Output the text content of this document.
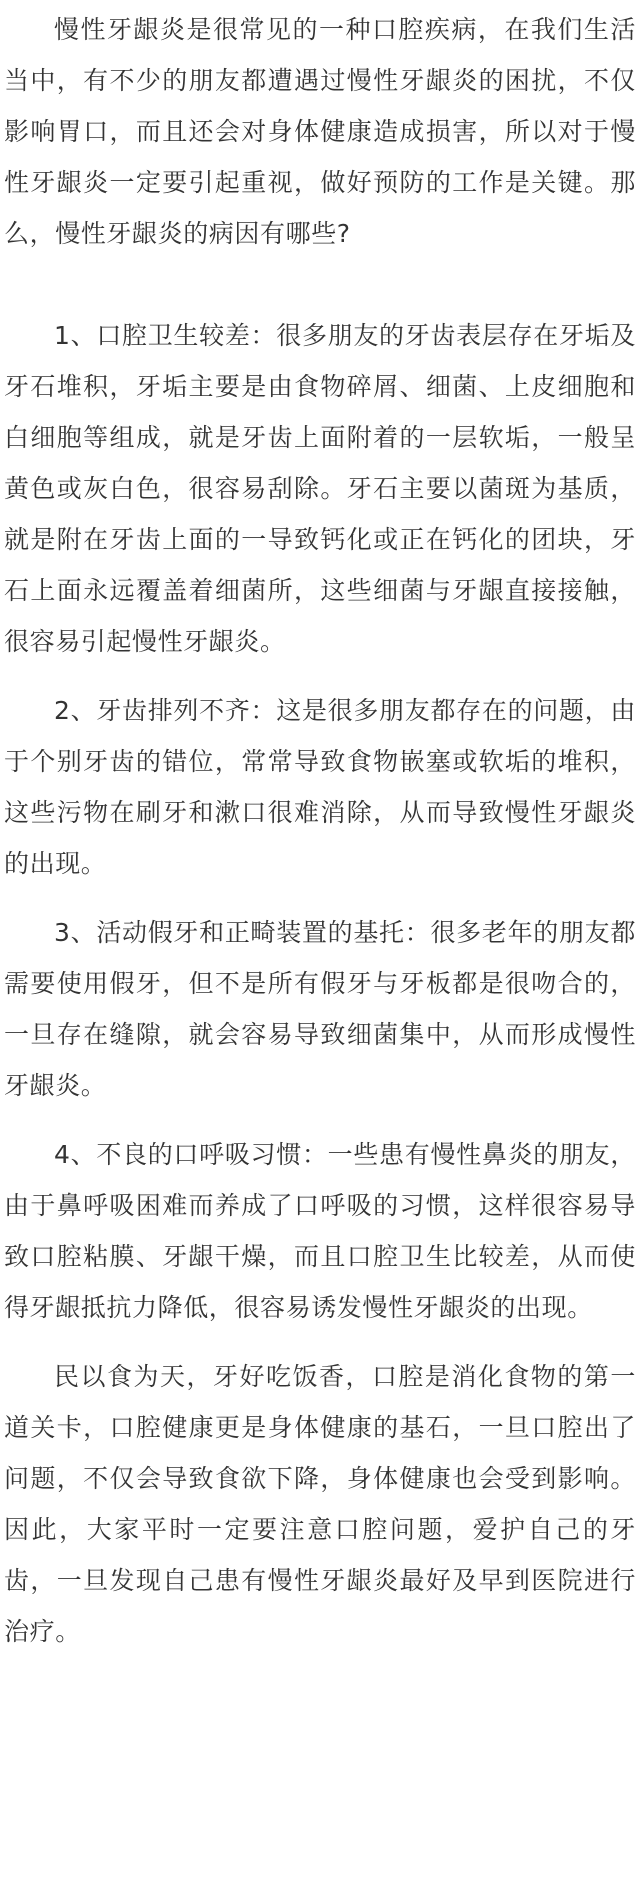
慢性牙龈炎是很常见的一种口腔疾病，在我们生活当中，有不少的朋友都遭遇过慢性牙龈炎的困扰，不仅影响胃口，而且还会对身体健康造成损害，所以对于慢性牙龈炎一定要引起重视，做好预防的工作是关键。那么，慢性牙龈炎的病因有哪些?

1、口腔卫生较差：很多朋友的牙齿表层存在牙垢及牙石堆积，牙垢主要是由食物碎屑、细菌、上皮细胞和白细胞等组成，就是牙齿上面附着的一层软垢，一般呈黄色或灰白色，很容易刮除。牙石主要以菌斑为基质，就是附在牙齿上面的一导致钙化或正在钙化的团块，牙石上面永远覆盖着细菌所，这些细菌与牙龈直接接触，很容易引起慢性牙龈炎。

2、牙齿排列不齐：这是很多朋友都存在的问题，由于个别牙齿的错位，常常导致食物嵌塞或软垢的堆积，这些污物在刷牙和漱口很难消除，从而导致慢性牙龈炎的出现。

3、活动假牙和正畸装置的基托：很多老年的朋友都需要使用假牙，但不是所有假牙与牙板都是很吻合的，一旦存在缝隙，就会容易导致细菌集中，从而形成慢性牙龈炎。

4、不良的口呼吸习惯：一些患有慢性鼻炎的朋友，由于鼻呼吸困难而养成了口呼吸的习惯，这样很容易导致口腔粘膜、牙龈干燥，而且口腔卫生比较差，从而使得牙龈抵抗力降低，很容易诱发慢性牙龈炎的出现。

民以食为天，牙好吃饭香，口腔是消化食物的第一道关卡，口腔健康更是身体健康的基石，一旦口腔出了问题，不仅会导致食欲下降，身体健康也会受到影响。因此，大家平时一定要注意口腔问题，爱护自己的牙齿，一旦发现自己患有慢性牙龈炎最好及早到医院进行治疗。
